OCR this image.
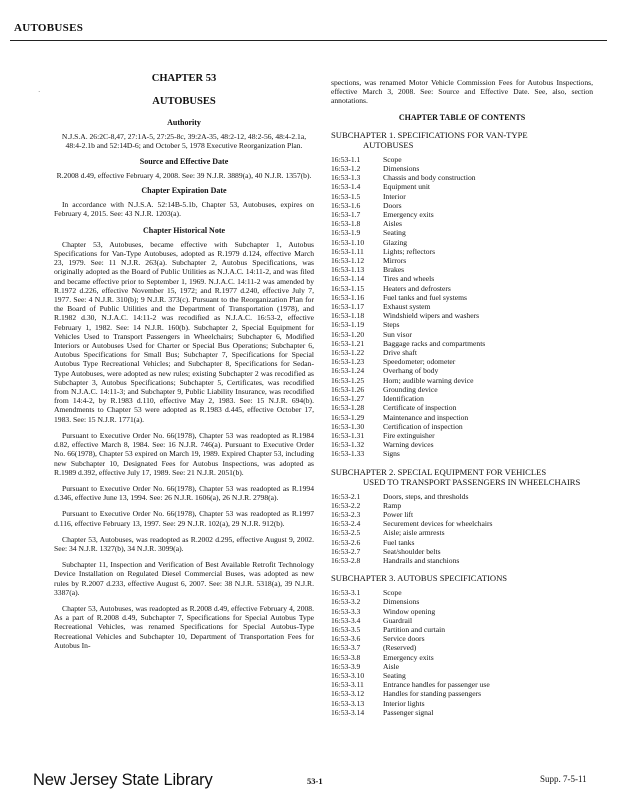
AUTOBUSES
·
CHAPTER 53
AUTOBUSES
Authority
N.J.S.A. 26:2C-8,47, 27:1A-5, 27:25-8c, 39:2A-35, 48:2-12, 48:2-56, 48:4-2.1a, 48:4-2.1b and 52:14D-6; and October 5, 1978 Executive Reorganization Plan.
Source and Effective Date
R.2008 d.49, effective February 4, 2008. See: 39 N.J.R. 3889(a), 40 N.J.R. 1357(b).
Chapter Expiration Date
In accordance with N.J.S.A. 52:14B-5.1b, Chapter 53, Autobuses, expires on February 4, 2015. See: 43 N.J.R. 1203(a).
Chapter Historical Note
Chapter 53, Autobuses, became effective with Subchapter 1, Autobus Specifications for Van-Type Autobuses, adopted as R.1979 d.124, effective March 23, 1979. See: 11 N.J.R. 263(a). Subchapter 2, Autobus Specifications, was originally adopted as the Board of Public Utilities as N.J.A.C. 14:11-2, and was filed and became effective prior to September 1, 1969. N.J.A.C. 14:11-2 was amended by R.1972 d.226, effective November 15, 1972; and R.1977 d.240, effective July 7, 1977. See: 4 N.J.R. 310(b); 9 N.J.R. 373(c). Pursuant to the Reorganization Plan for the Board of Public Utilities and the Department of Transportation (1978), and R.1982 d.30, N.J.A.C. 14:11-2 was recodified as N.J.A.C. 16:53-2, effective February 1, 1982. See: 14 N.J.R. 160(b). Subchapter 2, Special Equipment for Vehicles Used to Transport Passengers in Wheelchairs; Subchapter 6, Modified Interiors or Autobuses Used for Charter or Special Bus Operations; Subchapter 6, Autobus Specifications for Small Bus; Subchapter 7, Specifications for Special Autobus Type Recreational Vehicles; and Subchapter 8, Specifications for Sedan-Type Autobuses, were adopted as new rules; existing Subchapter 2 was recodified as Subchapter 3, Autobus Specifications; Subchapter 5, Certificates, was recodified from N.J.A.C. 14:11-3; and Subchapter 9, Public Liability Insurance, was recodified from 14:4-2, by R.1983 d.110, effective May 2, 1983. See: 15 N.J.R. 694(b). Amendments to Chapter 53 were adopted as R.1983 d.445, effective October 17, 1983. See: 15 N.J.R. 1771(a).
Pursuant to Executive Order No. 66(1978), Chapter 53 was readopted as R.1984 d.82, effective March 8, 1984. See: 16 N.J.R. 746(a). Pursuant to Executive Order No. 66(1978), Chapter 53 expired on March 19, 1989. Expired Chapter 53, including new Subchapter 10, Designated Fees for Autobus Inspections, was adopted as R.1989 d.392, effective July 17, 1989. See: 21 N.J.R. 2051(b).
Pursuant to Executive Order No. 66(1978), Chapter 53 was readopted as R.1994 d.346, effective June 13, 1994. See: 26 N.J.R. 1606(a), 26 N.J.R. 2798(a).
Pursuant to Executive Order No. 66(1978), Chapter 53 was readopted as R.1997 d.116, effective February 13, 1997. See: 29 N.J.R. 102(a), 29 N.J.R. 912(b).
Chapter 53, Autobuses, was readopted as R.2002 d.295, effective August 9, 2002. See: 34 N.J.R. 1327(b), 34 N.J.R. 3099(a).
Subchapter 11, Inspection and Verification of Best Available Retrofit Technology Device Installation on Regulated Diesel Commercial Buses, was adopted as new rules by R.2007 d.233, effective August 6, 2007. See: 38 N.J.R. 5318(a), 39 N.J.R. 3387(a).
Chapter 53, Autobuses, was readopted as R.2008 d.49, effective February 4, 2008. As a part of R.2008 d.49, Subchapter 7, Specifications for Special Autobus Type Recreational Vehicles, was renamed Specifications for Special Autobus-Type Recreational Vehicles and Subchapter 10, Department of Transportation Fees for Autobus In-
spections, was renamed Motor Vehicle Commission Fees for Autobus Inspections, effective March 3, 2008. See: Source and Effective Date. See, also, section annotations.
CHAPTER TABLE OF CONTENTS
SUBCHAPTER 1. SPECIFICATIONS FOR VAN-TYPE
AUTOBUSES
16:53-1.1	Scope
16:53-1.2	Dimensions
16:53-1.3	Chassis and body construction
16:53-1.4	Equipment unit
16:53-1.5	Interior
16:53-1.6	Doors
16:53-1.7	Emergency exits
16:53-1.8	Aisles
16:53-1.9	Seating
16:53-1.10	Glazing
16:53-1.11	Lights; reflectors
16:53-1.12	Mirrors
16:53-1.13	Brakes
16:53-1.14	Tires and wheels
16:53-1.15	Heaters and defrosters
16:53-1.16	Fuel tanks and fuel systems
16:53-1.17	Exhaust system
16:53-1.18	Windshield wipers and washers
16:53-1.19	Steps
16:53-1.20	Sun visor
16:53-1.21	Baggage racks and compartments
16:53-1.22	Drive shaft
16:53-1.23	Speedometer; odometer
16:53-1.24	Overhang of body
16:53-1.25	Horn; audible warning device
16:53-1.26	Grounding device
16:53-1.27	Identification
16:53-1.28	Certificate of inspection
16:53-1.29	Maintenance and inspection
16:53-1.30	Certification of inspection
16:53-1.31	Fire extinguisher
16:53-1.32	Warning devices
16:53-1.33	Signs
SUBCHAPTER 2. SPECIAL EQUIPMENT FOR VEHICLES
USED TO TRANSPORT PASSENGERS IN WHEELCHAIRS
16:53-2.1	Doors, steps, and thresholds
16:53-2.2	Ramp
16:53-2.3	Power lift
16:53-2.4	Securement devices for wheelchairs
16:53-2.5	Aisle; aisle armrests
16:53-2.6	Fuel tanks
16:53-2.7	Seat/shoulder belts
16:53-2.8	Handrails and stanchions
SUBCHAPTER 3. AUTOBUS SPECIFICATIONS
16:53-3.1	Scope
16:53-3.2	Dimensions
16:53-3.3	Window opening
16:53-3.4	Guardrail
16:53-3.5	Partition and curtain
16:53-3.6	Service doors
16:53-3.7	(Reserved)
16:53-3.8	Emergency exits
16:53-3.9	Aisle
16:53-3.10	Seating
16:53-3.11	Entrance handles for passenger use
16:53-3.12	Handles for standing passengers
16:53-3.13	Interior lights
16:53-3.14	Passenger signal
New Jersey State Library	53-1	Supp. 7-5-11
